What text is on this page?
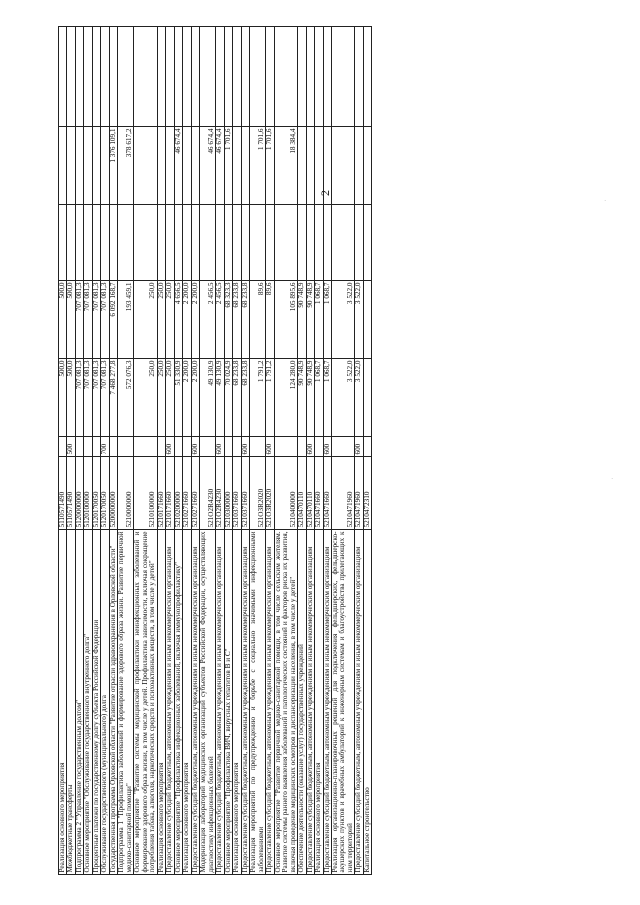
2
·
·
Реализация основного мероприятия	5110571490		500,0	500,0			
Межбюджетные трансферты	5110571490	500	500,0	500,0			
Подпрограмма 2 "Управление государственным долгом"	5120000000		707 081,3	707 081,3			
Основное мероприятие "Обслуживание государственного внутреннего долга"	5120100000		707 081,3	707 081,3			
Процентные платежи по государственному долгу субъекта Российской Федерации	5120170050		707 081,3	707 081,3			
Обслуживание государственного (муниципального) долга	5120170050	700	707 081,3	707 081,3			
Государственная программа Орловской области "Развитие отрасли здравоохранения в Орловской области"	5200000000		7 468 277,8	6 092 168,7		1 376 109,1	
Подпрограмма 1 "Профилактика заболеваний и формирование здорового образа жизни. Развитие первичной медико-санитарной помощи"	5210000000		572 076,3	193 459,1		378 617,2	
Основное мероприятие "Развитие системы медицинской профилактики неинфекционных заболеваний и формирование здорового образа жизни, в том числе у детей. Профилактика зависимости, включая сокращение потребления табака, алкоголя, наркотических средств и психоактивных веществ, в том числе у детей"	5210100000		250,0	250,0			
Реализация основного мероприятия	5210171660		250,0	250,0			
Предоставление субсидий бюджетным, автономным учреждениям и иным некоммерческим организациям	5210171660	600	250,0	250,0			
Основное мероприятие "Профилактика инфекционных заболеваний, включая иммунопрофилактику"	5210200000		51 330,9	4 656,5		46 674,4	
Реализация основного мероприятия	5210271660		2 200,0	2 200,0			
Предоставление субсидий бюджетным, автономным учреждениям и иным некоммерческим организациям	5210271660	600	2 200,0	2 200,0			
Модернизация лабораторий медицинских организаций субъектов Российской Федерации, осуществляющих диагностику инфекционных болезней	521O2R4230		49 130,9	2 456,5		46 674,4	
Предоставление субсидий бюджетным, автономным учреждениям и иным некоммерческим организациям	521O2R4230	600	49 130,9	2 456,5		46 674,4	
Основное мероприятие "Профилактика ВИЧ, вирусных гепатитов В и С"	5210300000		70 024,9	68 323,3		1 701,6	
Реализация основного мероприятия	5210371660		68 233,8	68 233,8			
Предоставление субсидий бюджетным, автономным учреждениям и иным некоммерческим организациям	5210371660	600	68 233,8	68 233,8			
Реализация мероприятий по предупреждению и борьбе с социально значимыми инфекционными заболеваниями	521O3R2020		1 791,2	89,6		1 701,6	
Предоставление субсидий бюджетным, автономным учреждениям и иным некоммерческим организациям	521O3R2020	600	1 791,2	89,6		1 701,6	
Основное мероприятие "Развитие первичной медико-санитарной помощи, в том числе сельским жителям. Развитие системы раннего выявления заболеваний и патологических состояний и факторов риска их развития, включая проведение медицинских осмотров и диспансеризации населения, в том числе у детей"	5210400000		124 280,0	105 895,6		18 384,4	
Обеспечение деятельности (оказание услуг) государственных учреждений	5210470110		90 748,9	90 748,9			
Предоставление субсидий бюджетным, автономным учреждениям и иным некоммерческим организациям	5210470110	600	90 748,9	90 748,9			
Реализация основного мероприятия	5210471660		1 068,7	1 068,7			
Предоставление субсидий бюджетным, автономным учреждениям и иным некоммерческим организациям	5210471660	600	1 068,7	1 068,7			
Реализация организационно-планировочных решений для подключения фельдшерских, фельдшерско-акушерских пунктов и врачебных амбулаторий к инженерным системам и благоустройства прилегающих к ним территорий	5210471960		3 522,0	3 522,0			
Предоставление субсидий бюджетным, автономным учреждениям и иным некоммерческим организациям	5210471960	600	3 522,0	3 522,0			
Капитальное строительство	5210472310						
